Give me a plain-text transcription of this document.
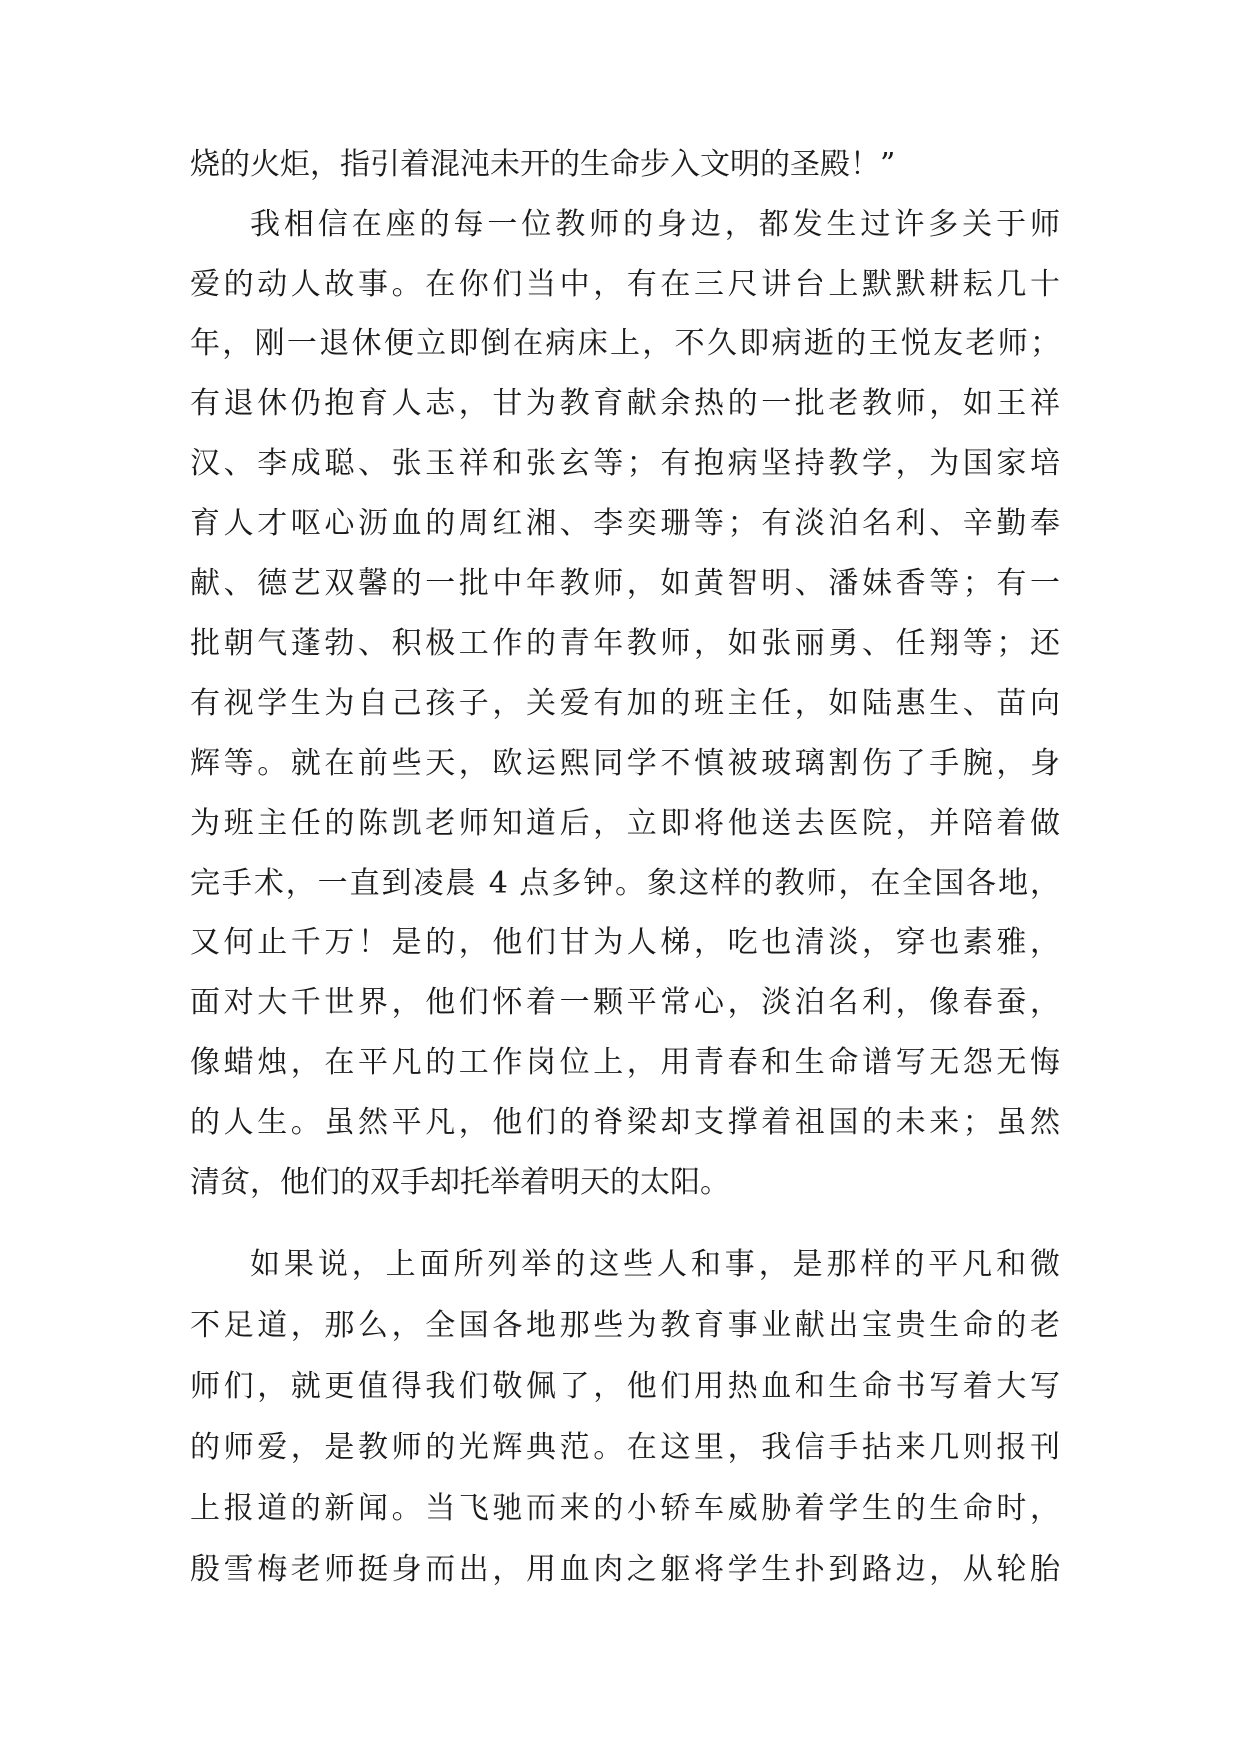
烧的火炬，指引着混沌未开的生命步入文明的圣殿！”
我相信在座的每一位教师的身边，都发生过许多关于师
爱的动人故事。在你们当中，有在三尺讲台上默默耕耘几十
年，刚一退休便立即倒在病床上，不久即病逝的王悦友老师；
有退休仍抱育人志，甘为教育献余热的一批老教师，如王祥
汉、李成聪、张玉祥和张玄等；有抱病坚持教学，为国家培
育人才呕心沥血的周红湘、李奕珊等；有淡泊名利、辛勤奉
献、德艺双馨的一批中年教师，如黄智明、潘妹香等；有一
批朝气蓬勃、积极工作的青年教师，如张丽勇、任翔等；还
有视学生为自己孩子，关爱有加的班主任，如陆惠生、苗向
辉等。就在前些天，欧运熙同学不慎被玻璃割伤了手腕，身
为班主任的陈凯老师知道后，立即将他送去医院，并陪着做
完手术，一直到凌晨 4 点多钟。象这样的教师，在全国各地，
又何止千万！是的，他们甘为人梯，吃也清淡，穿也素雅，
面对大千世界，他们怀着一颗平常心，淡泊名利，像春蚕，
像蜡烛，在平凡的工作岗位上，用青春和生命谱写无怨无悔
的人生。虽然平凡，他们的脊梁却支撑着祖国的未来；虽然
清贫，他们的双手却托举着明天的太阳。
如果说，上面所列举的这些人和事，是那样的平凡和微
不足道，那么，全国各地那些为教育事业献出宝贵生命的老
师们，就更值得我们敬佩了，他们用热血和生命书写着大写
的师爱，是教师的光辉典范。在这里，我信手拈来几则报刊
上报道的新闻。当飞驰而来的小轿车威胁着学生的生命时，
殷雪梅老师挺身而出，用血肉之躯将学生扑到路边，从轮胎
